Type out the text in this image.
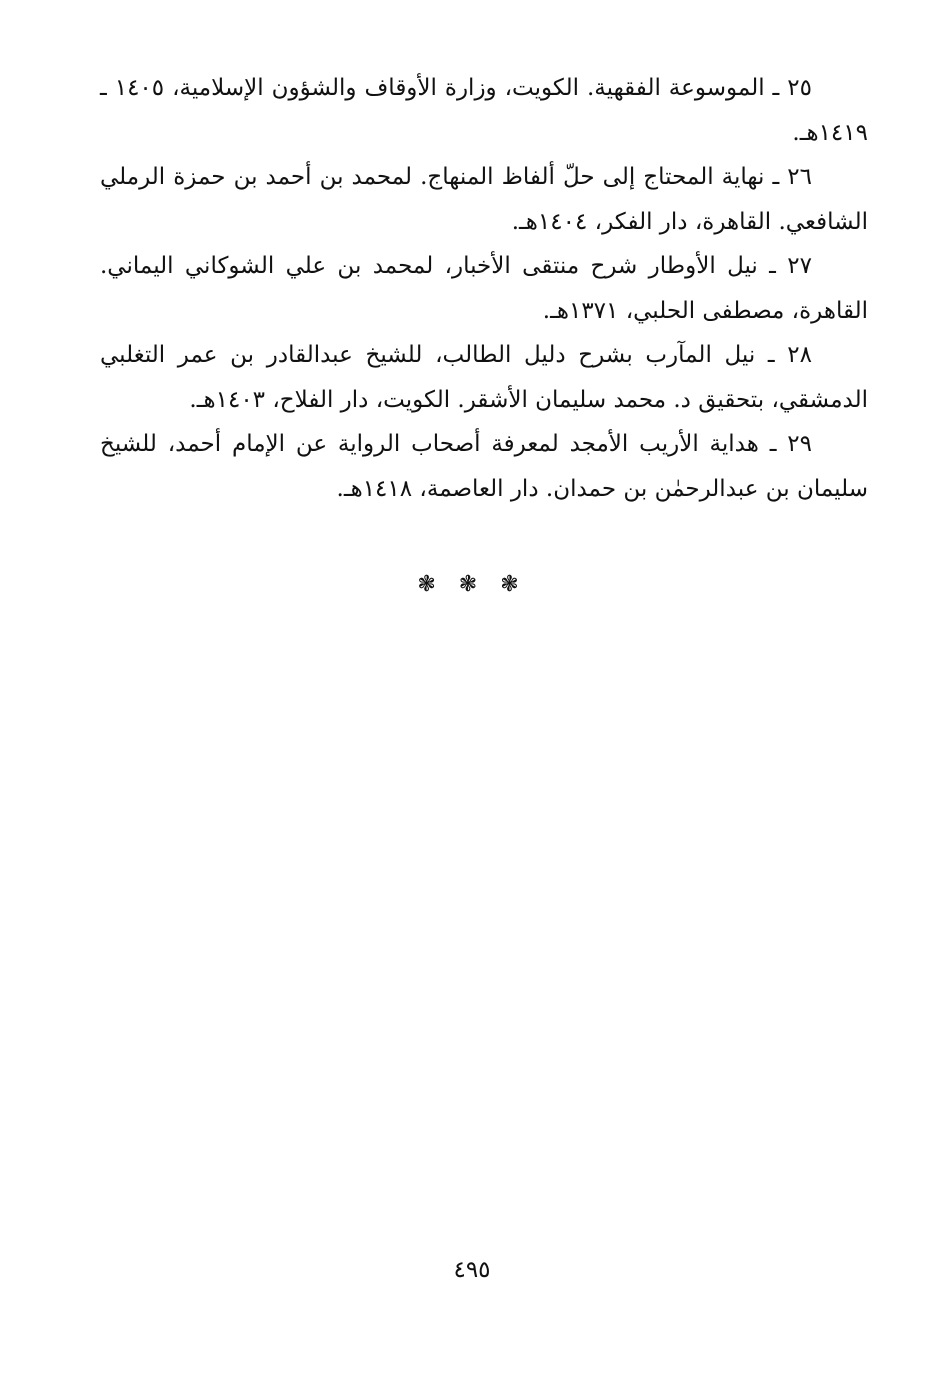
٢٥ ـ الموسوعة الفقهية. الكويت، وزارة الأوقاف والشؤون الإسلامية، ١٤٠٥ ـ ١٤١٩هـ.

٢٦ ـ نهاية المحتاج إلى حلّ ألفاظ المنهاج. لمحمد بن أحمد بن حمزة الرملي الشافعي. القاهرة، دار الفكر، ١٤٠٤هـ.

٢٧ ـ نيل الأوطار شرح منتقى الأخبار، لمحمد بن علي الشوكاني اليماني. القاهرة، مصطفى الحلبي، ١٣٧١هـ.

٢٨ ـ نيل المآرب بشرح دليل الطالب، للشيخ عبدالقادر بن عمر التغلبي الدمشقي، بتحقيق د. محمد سليمان الأشقر. الكويت، دار الفلاح، ١٤٠٣هـ.

٢٩ ـ هداية الأريب الأمجد لمعرفة أصحاب الرواية عن الإمام أحمد، للشيخ سليمان بن عبدالرحمٰن بن حمدان. دار العاصمة، ١٤١٨هـ.

❃ ❃ ❃
٤٩٥
